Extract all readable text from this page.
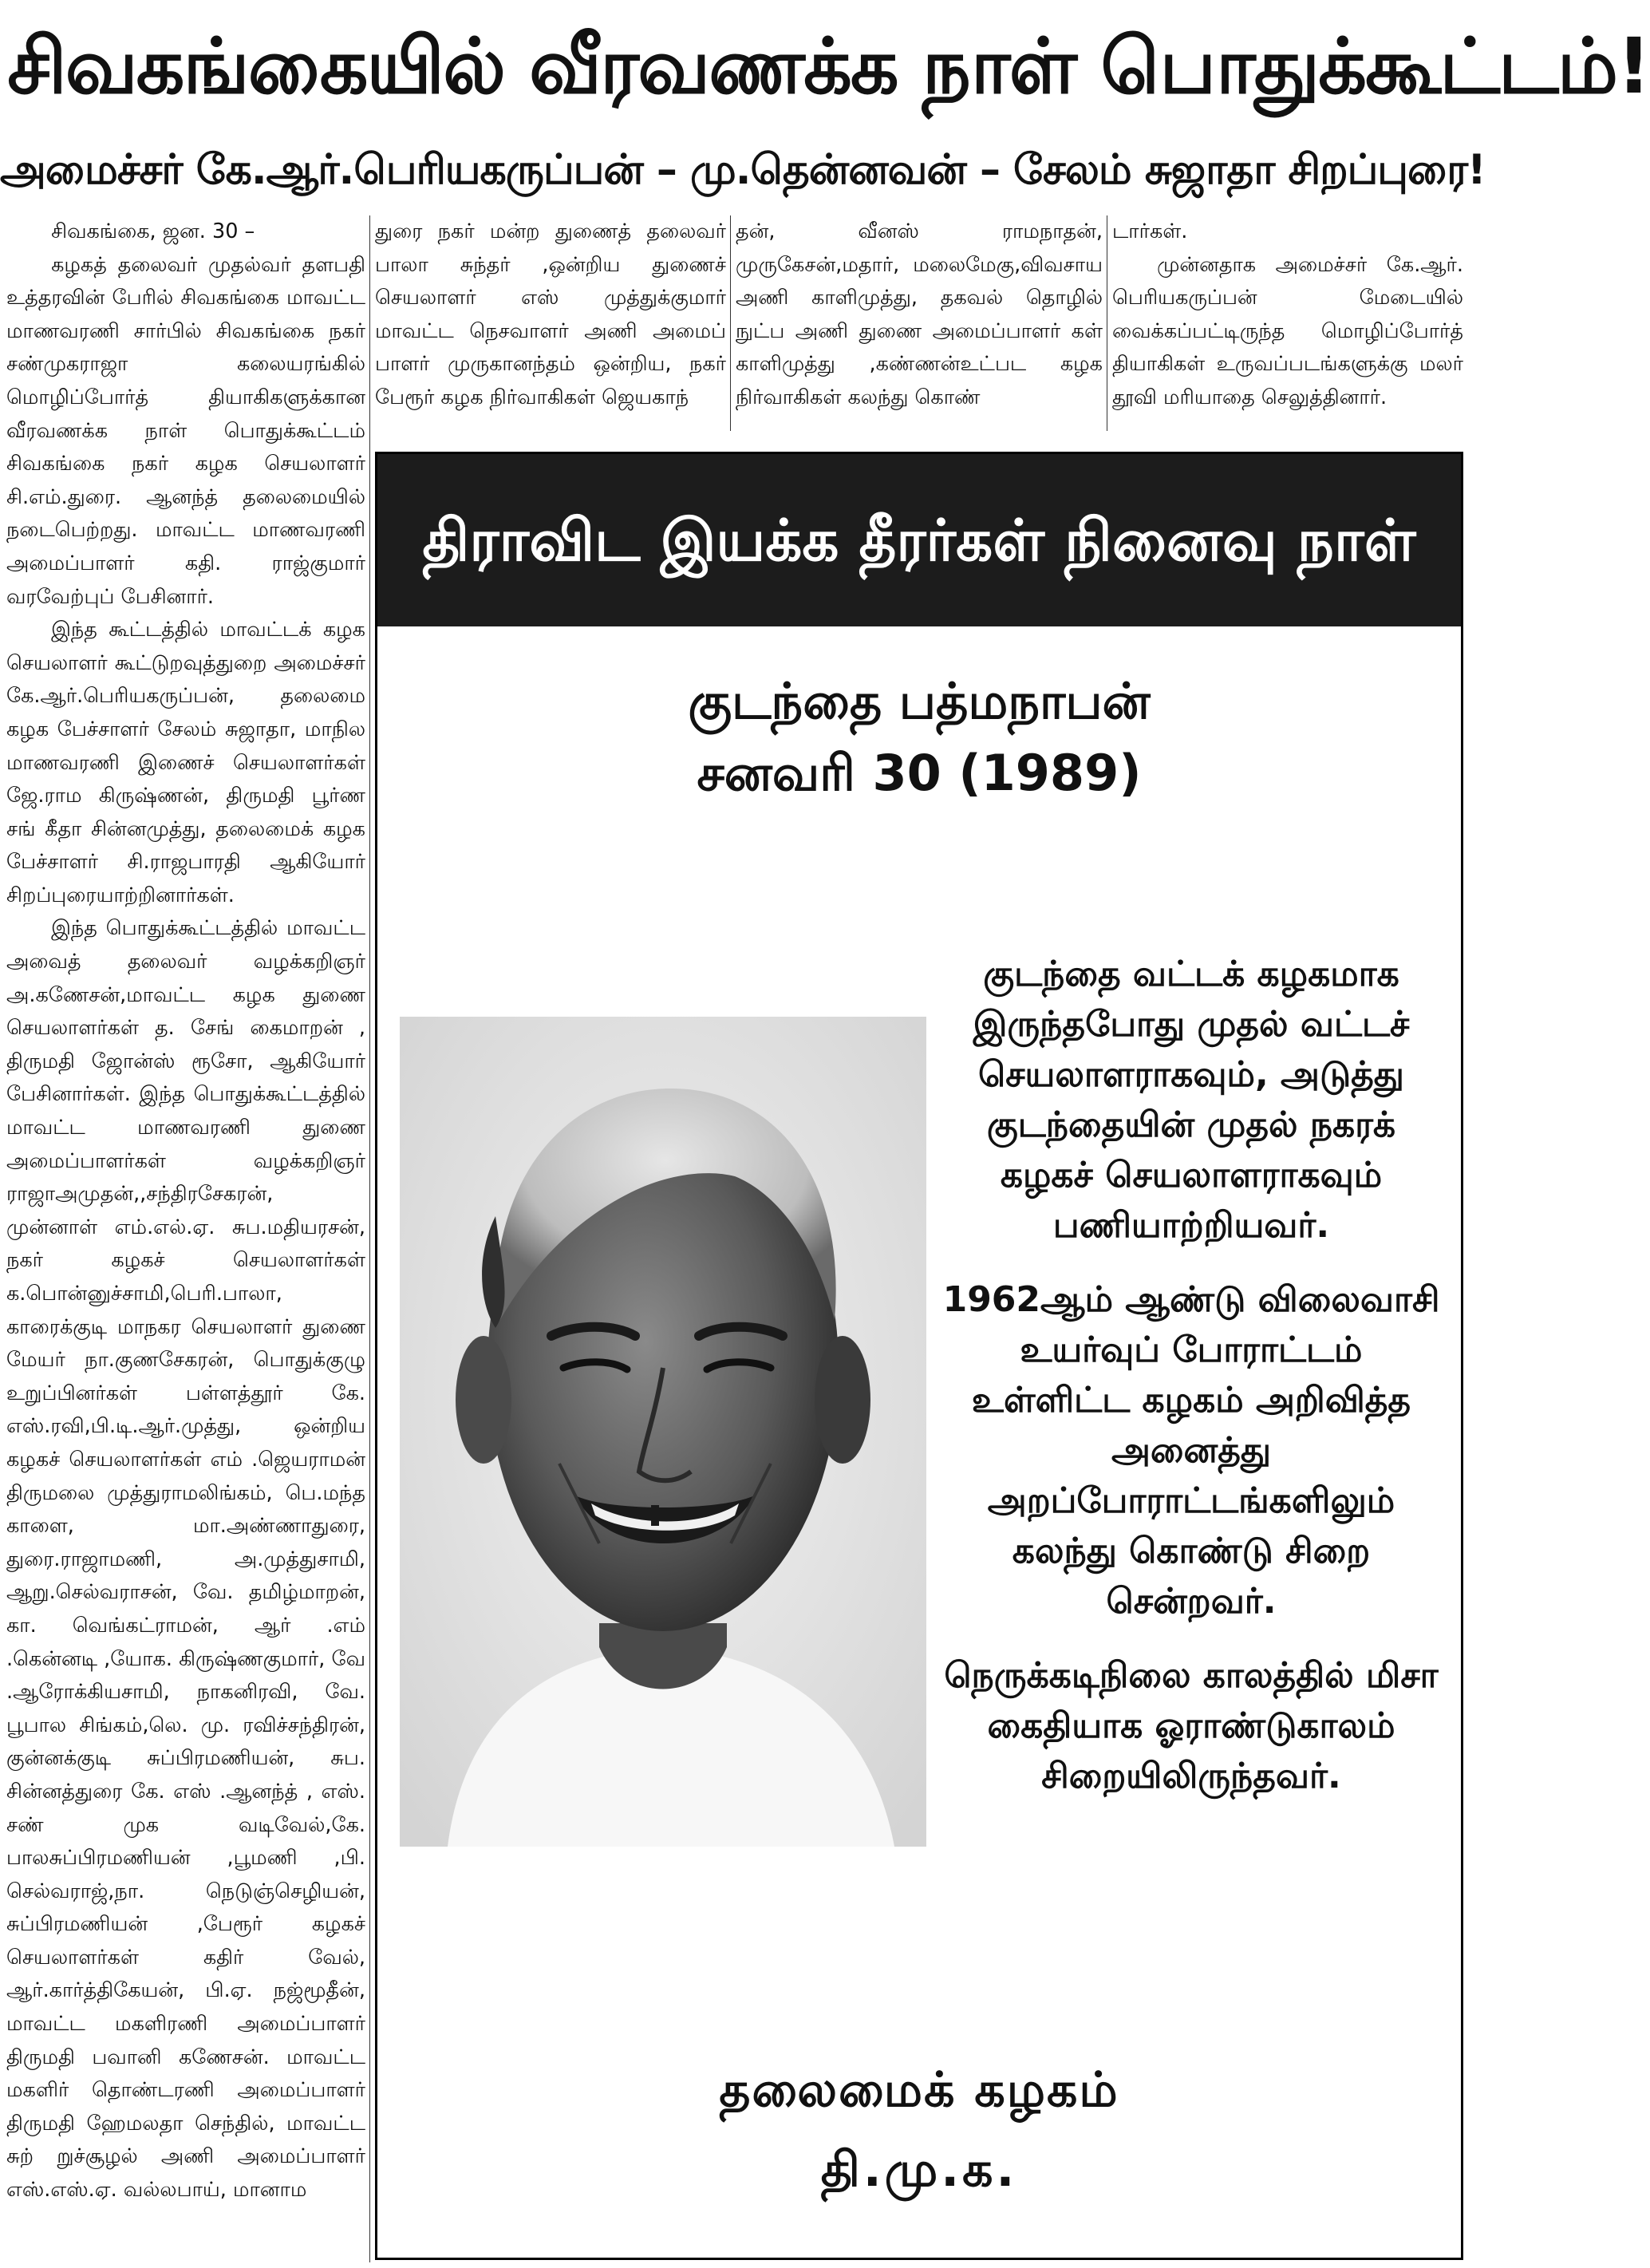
சிவகங்கையில் வீரவணக்க நாள் பொதுக்கூட்டம்!
அமைச்சர் கே.ஆர்.பெரியகருப்பன் – மு.தென்னவன் – சேலம் சுஜாதா சிறப்புரை!

சிவகங்கை, ஜன. 30 –

கழகத் தலைவர் முதல்வர் தளபதி உத்தரவின் பேரில் சிவகங்கை மாவட்ட மாணவரணி சார்பில் சிவகங்கை நகர் சண்முகராஜா கலையரங்கில் மொழிப்போர்த் தியாகிகளுக்கான வீரவணக்க நாள் பொதுக்கூட்டம் சிவகங்கை நகர் கழக செயலாளர் சி.எம்.துரை. ஆனந்த் தலைமையில் நடைபெற்றது. மாவட்ட மாணவரணி அமைப்பாளர் கதி. ராஜ்குமார் வரவேற்புப் பேசினார்.

இந்த கூட்டத்தில் மாவட்டக் கழக செயலாளர் கூட்டுறவுத்துறை அமைச்சர் கே.ஆர்.பெரியகருப்பன், தலைமை கழக பேச்சாளர் சேலம் சுஜாதா, மாநில மாணவரணி இணைச் செயலாளர்கள் ஜே.ராம கிருஷ்ணன், திருமதி பூர்ண சங் கீதா சின்னமுத்து, தலைமைக் கழக பேச்சாளர் சி.ராஜபாரதி ஆகியோர் சிறப்புரையாற்றினார்கள்.

இந்த பொதுக்கூட்டத்தில் மாவட்ட அவைத் தலைவர் வழக்கறிஞர் அ.கணேசன்,மாவட்ட கழக துணை செயலாளர்கள் த. சேங் கைமாறன் , திருமதி ஜோன்ஸ் ரூசோ, ஆகியோர் பேசினார்கள். இந்த பொதுக்கூட்டத்தில் மாவட்ட மாணவரணி துணை அமைப்பாளர்கள் வழக்கறிஞர் ராஜாஅமுதன்,,சந்திரசேகரன், முன்னாள் எம்.எல்.ஏ. சுப.மதியரசன், நகர் கழகச் செயலாளர்கள் க.பொன்னுச்சாமி,பெரி.பாலா, காரைக்குடி மாநகர செயலாளர் துணை மேயர் நா.குணசேகரன், பொதுக்குழு உறுப்பினர்கள் பள்ளத்தூர் கே. எஸ்.ரவி,பி.டி.ஆர்.முத்து, ஒன்றிய கழகச் செயலாளர்கள் எம் .ஜெயராமன் திருமலை முத்துராமலிங்கம், பெ.மந்த காளை, மா.அண்ணாதுரை, துரை.ராஜாமணி, அ.முத்துசாமி, ஆறு.செல்வராசன், வே. தமிழ்மாறன், கா. வெங்கட்ராமன், ஆர் .எம் .கென்னடி ,யோக. கிருஷ்ணகுமார், வே .ஆரோக்கியசாமி, நாகனிரவி, வே. பூபால சிங்கம்,லெ. மு. ரவிச்சந்திரன், குன்னக்குடி சுப்பிரமணியன், சுப. சின்னத்துரை கே. எஸ் .ஆனந்த் , எஸ். சண் முக வடிவேல்,கே. பாலசுப்பிரமணியன் ,பூமணி ,பி. செல்வராஜ்,நா. நெடுஞ்செழியன், சுப்பிரமணியன் ,பேரூர் கழகச் செயலாளர்கள் கதிர் வேல், ஆர்.கார்த்திகேயன், பி.ஏ. நஜ்மூதீன், மாவட்ட மகளிரணி அமைப்பாளர் திருமதி பவானி கணேசன். மாவட்ட மகளிர் தொண்டரணி அமைப்பாளர் திருமதி ஹேமலதா செந்தில், மாவட்ட சுற் றுச்சூழல் அணி அமைப்பாளர் எஸ்.எஸ்.ஏ. வல்லபாய், மானாம

துரை நகர் மன்ற துணைத் தலைவர் பாலா சுந்தர் ,ஒன்றிய துணைச் செயலாளர் எஸ் முத்துக்குமார் மாவட்ட நெசவாளர் அணி அமைப் பாளர் முருகானந்தம் ஒன்றிய, நகர் பேரூர் கழக நிர்வாகிகள் ஜெயகாந்

தன், வீனஸ் ராமநாதன், முருகேசன்,மதார், மலைமேகு,விவசாய அணி காளிமுத்து, தகவல் தொழில் நுட்ப அணி துணை அமைப்பாளர் கள் காளிமுத்து ,கண்ணன்உட்பட கழக நிர்வாகிகள் கலந்து கொண்

டார்கள்.

முன்னதாக அமைச்சர் கே.ஆர். பெரியகருப்பன் மேடையில் வைக்கப்பட்டிருந்த மொழிப்போர்த் தியாகிகள் உருவப்படங்களுக்கு மலர் தூவி மரியாதை செலுத்தினார்.

திராவிட இயக்க தீரர்கள் நினைவு நாள்
குடந்தை பத்மநாபன்
சனவரி 30 (1989)

குடந்தை வட்டக் கழகமாக இருந்தபோது முதல் வட்டச் செயலாளராகவும், அடுத்து குடந்தையின் முதல் நகரக் கழகச் செயலாளராகவும் பணியாற்றியவர்.

1962ஆம் ஆண்டு விலைவாசி உயர்வுப் போராட்டம் உள்ளிட்ட கழகம் அறிவித்த அனைத்து அறப்போராட்டங்களிலும் கலந்து கொண்டு சிறை சென்றவர்.

நெருக்கடிநிலை காலத்தில் மிசா கைதியாக ஓராண்டுகாலம் சிறையிலிருந்தவர்.

தலைமைக் கழகம்
தி.மு.க.
